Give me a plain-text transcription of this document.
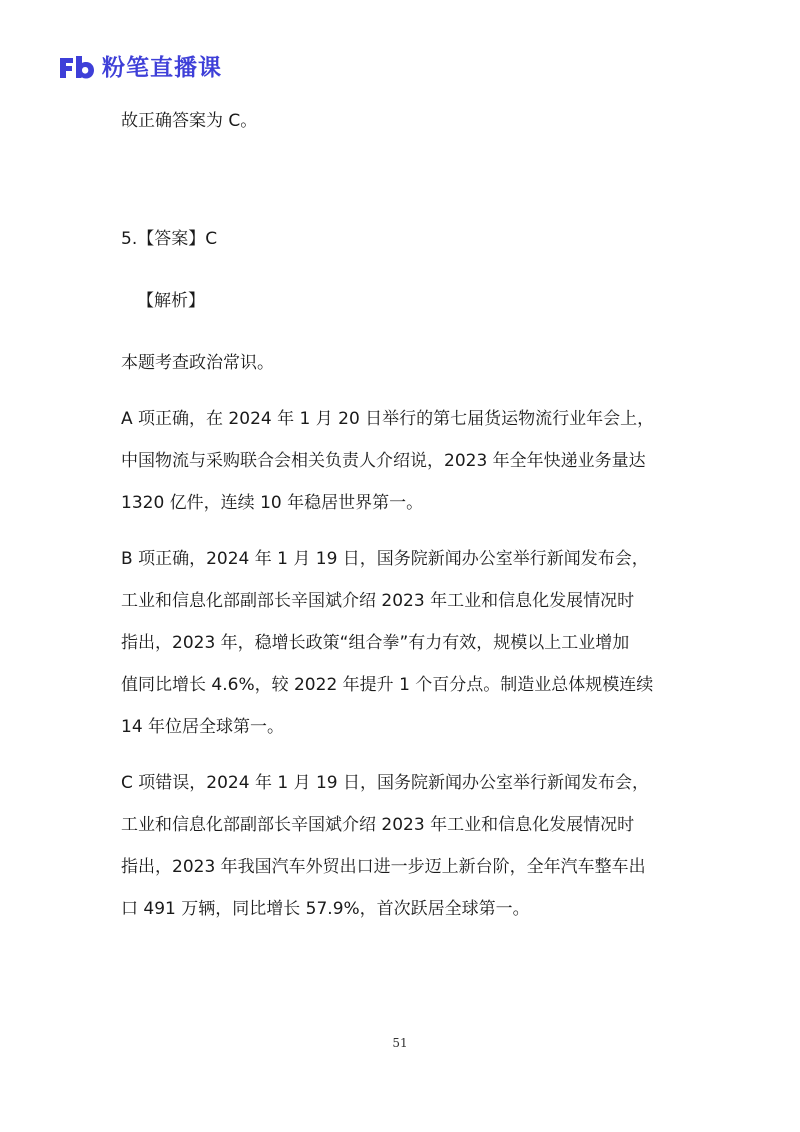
粉笔直播课
故正确答案为 C。
5.【答案】C
【解析】
本题考查政治常识。
A 项正确，在 2024 年 1 月 20 日举行的第七届货运物流行业年会上，
中国物流与采购联合会相关负责人介绍说，2023 年全年快递业务量达
1320 亿件，连续 10 年稳居世界第一。
B 项正确，2024 年 1 月 19 日，国务院新闻办公室举行新闻发布会，
工业和信息化部副部长辛国斌介绍 2023 年工业和信息化发展情况时
指出，2023 年，稳增长政策“组合拳”有力有效，规模以上工业增加
值同比增长 4.6%，较 2022 年提升 1 个百分点。制造业总体规模连续
14 年位居全球第一。
C 项错误，2024 年 1 月 19 日，国务院新闻办公室举行新闻发布会，
工业和信息化部副部长辛国斌介绍 2023 年工业和信息化发展情况时
指出，2023 年我国汽车外贸出口进一步迈上新台阶，全年汽车整车出
口 491 万辆，同比增长 57.9%，首次跃居全球第一。
51
